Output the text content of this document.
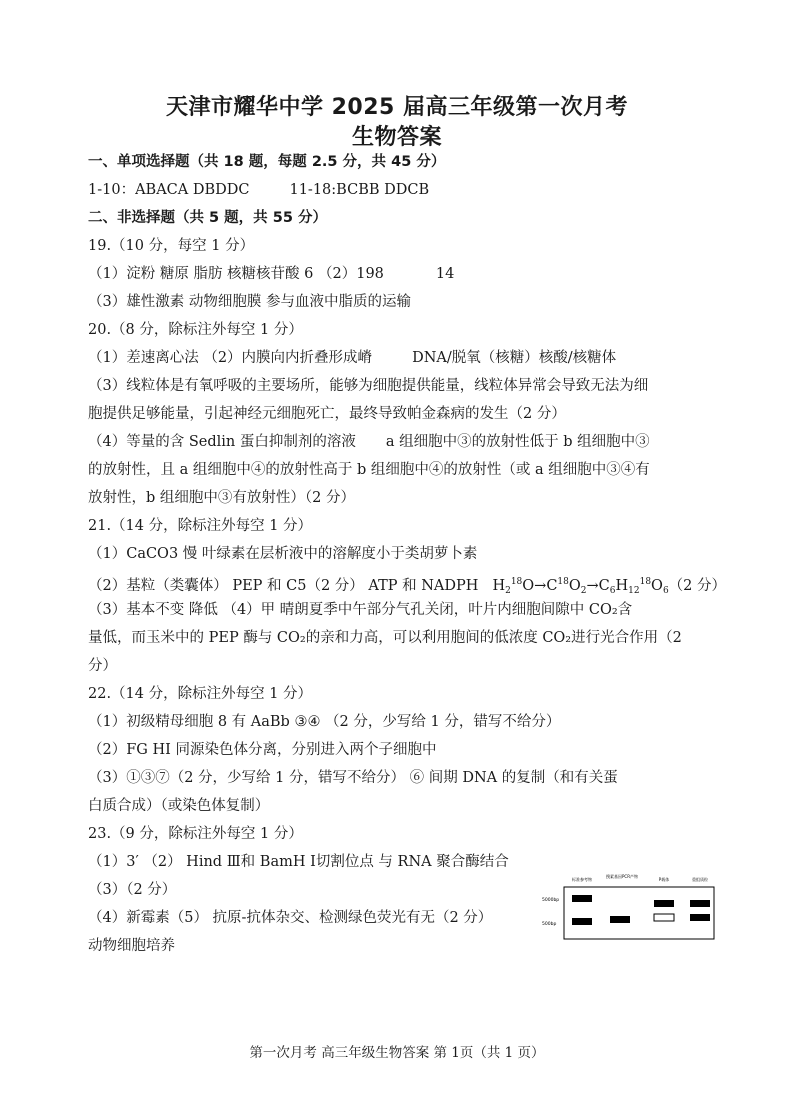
天津市耀华中学 2025 届高三年级第一次月考
生物答案
一、单项选择题（共 18 题，每题 2.5 分，共 45 分）
1-10：ABACA DBDDC	11-18:BCBB DDCB
二、非选择题（共 5 题，共 55 分）
19.（10 分，每空 1 分）
（1）淀粉 糖原 脂肪 核糖核苷酸 6 （2）198	14
（3）雄性激素 动物细胞膜 参与血液中脂质的运输
20.（8 分，除标注外每空 1 分）
（1）差速离心法 （2）内膜向内折叠形成嵴	DNA/脱氧（核糖）核酸/核糖体
（3）线粒体是有氧呼吸的主要场所，能够为细胞提供能量，线粒体异常会导致无法为细
胞提供足够能量，引起神经元细胞死亡，最终导致帕金森病的发生（2 分）
（4）等量的含 Sedlin 蛋白抑制剂的溶液 a 组细胞中③的放射性低于 b 组细胞中③
的放射性，且 a 组细胞中④的放射性高于 b 组细胞中④的放射性（或 a 组细胞中③④有
放射性，b 组细胞中③有放射性）（2 分）
21.（14 分，除标注外每空 1 分）
（1）CaCO3 慢 叶绿素在层析液中的溶解度小于类胡萝卜素
（2）基粒（类囊体） PEP 和 C5（2 分） ATP 和 NADPH $H_2^{18}O\to C^{18}O_2\to C_6H_{12}^{18}O_6(2$ 分）
（3）基本不变 降低 （4）甲 晴朗夏季中午部分气孔关闭，叶片内细胞间隙中 CO₂含
量低，而玉米中的 PEP 酶与 CO₂的亲和力高，可以利用胞间的低浓度 CO₂进行光合作用（2
分）
22.（14 分，除标注外每空 1 分）
（1）初级精母细胞 8 有 AaBb ③④ （2 分，少写给 1 分，错写不给分）
（2）FG HI 同源染色体分离，分别进入两个子细胞中
（3）①③⑦（2 分，少写给 1 分，错写不给分） ⑥ 间期 DNA 的复制（和有关蛋
白质合成）（或染色体复制）
23.（9 分，除标注外每空 1 分）
（1）3′ （2） Hind Ⅲ和 BamH Ⅰ切割位点 与 RNA 聚合酶结合
（3）（2 分）
（4）新霉素（5） 抗原-抗体杂交、检测绿色荧光有无（2 分）
动物细胞培养
标准参考物
搜素基因PCR产物
P载体	重组质粒
5000bp
500bp
第一次月考 高三年级生物答案 第 1页（共 1 页）
